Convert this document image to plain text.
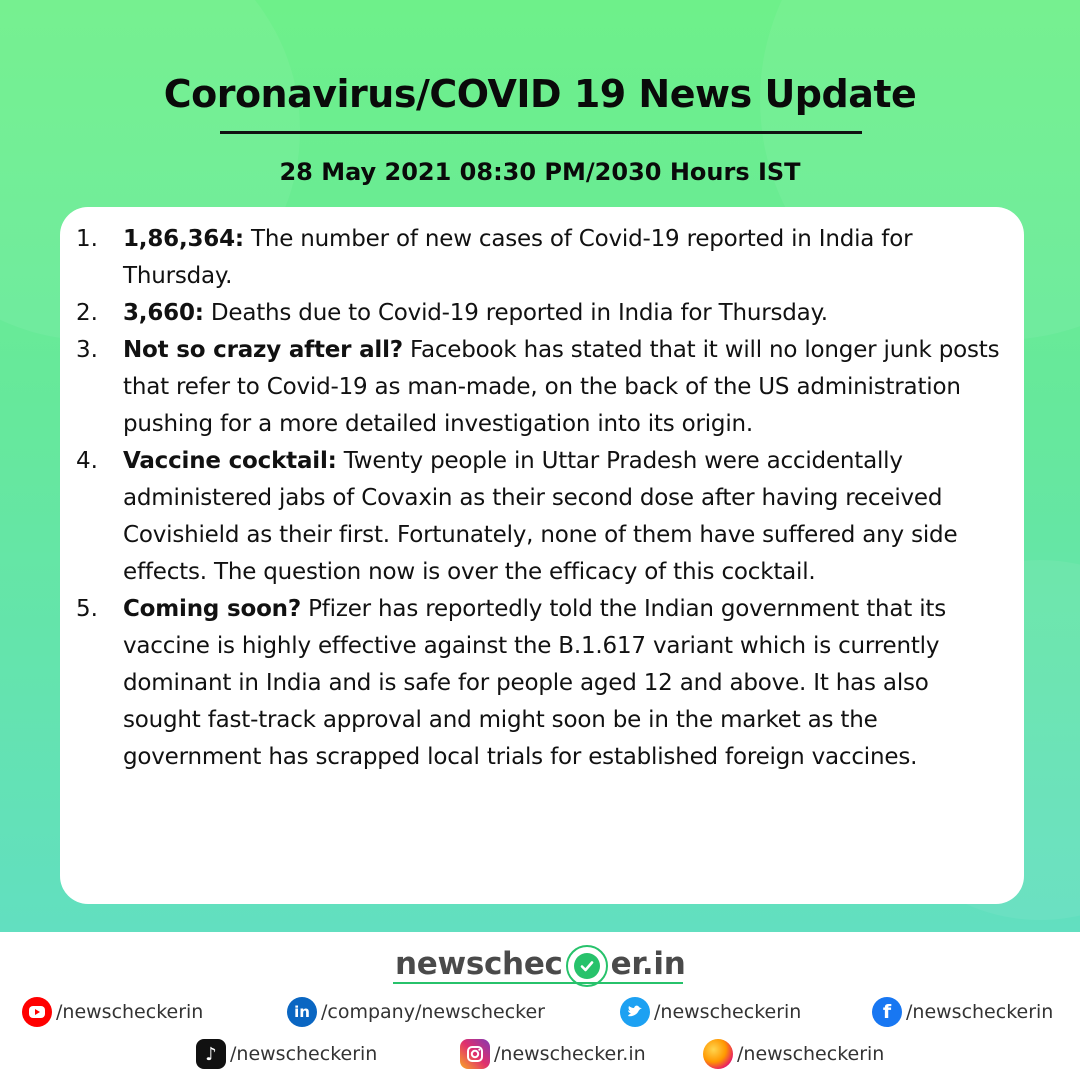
Coronavirus/COVID 19 News Update
28 May 2021 08:30 PM/2030 Hours IST
1.	1,86,364: The number of new cases of Covid-19 reported in India for Thursday.
2.	3,660: Deaths due to Covid-19 reported in India for Thursday.
3.	Not so crazy after all? Facebook has stated that it will no longer junk posts that refer to Covid-19 as man-made, on the back of the US administration pushing for a more detailed investigation into its origin.
4.	Vaccine cocktail: Twenty people in Uttar Pradesh were accidentally administered jabs of Covaxin as their second dose after having received Covishield as their first. Fortunately, none of them have suffered any side effects. The question now is over the efficacy of this cocktail.
5.	Coming soon? Pfizer has reportedly told the Indian government that its vaccine is highly effective against the B.1.617 variant which is currently dominant in India and is safe for people aged 12 and above. It has also sought fast-track approval and might soon be in the market as the government has scrapped local trials for established foreign vaccines.
newschec er.in
/newscheckerin	in /company/newschecker	/newscheckerin	f /newscheckerin
♪ /newscheckerin	/newschecker.in	/newscheckerin
